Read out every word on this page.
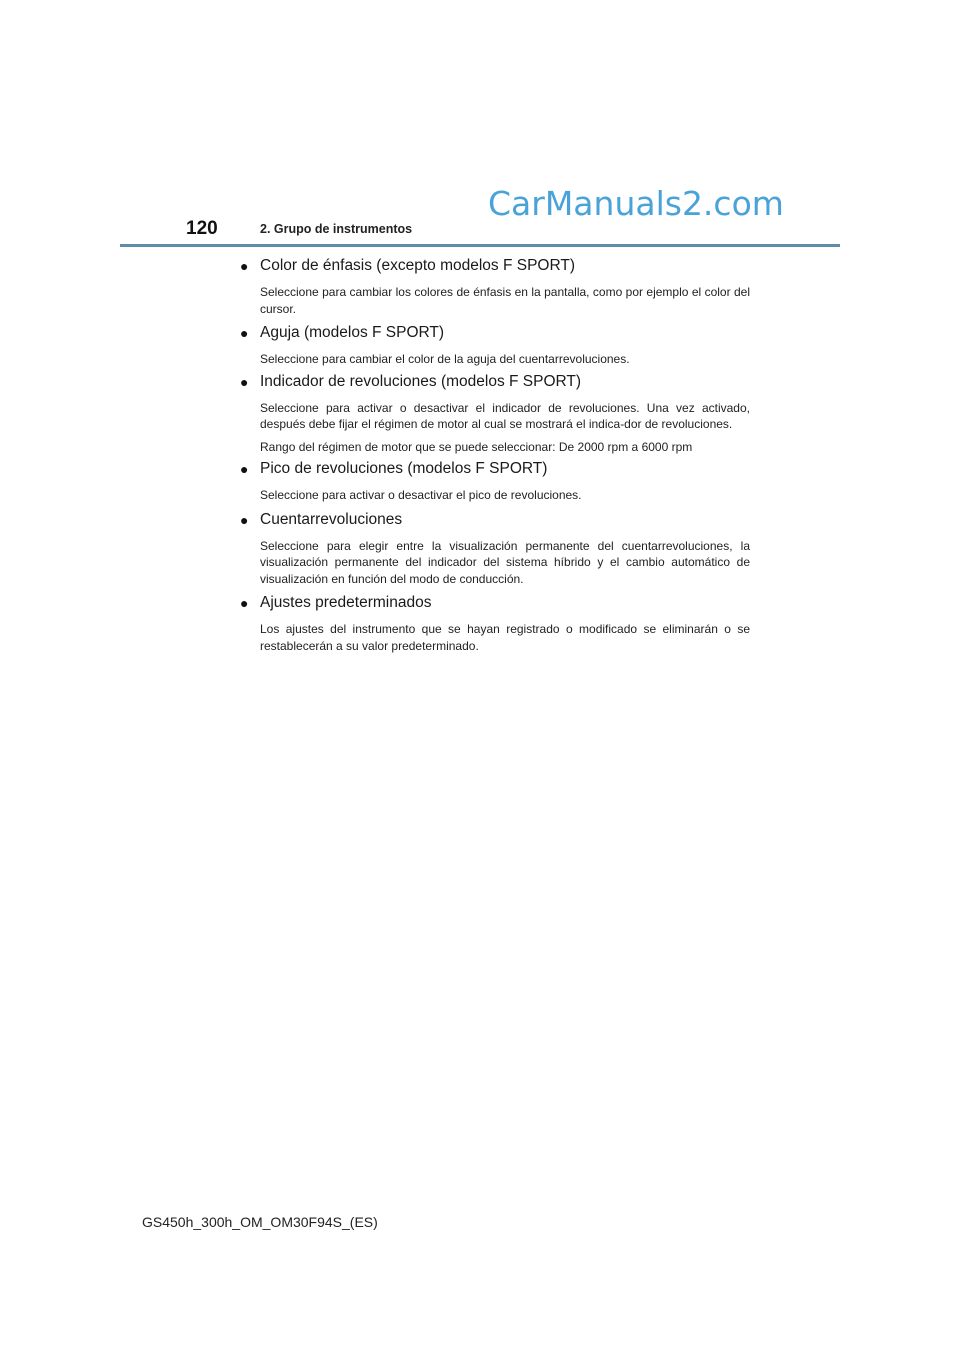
120	2. Grupo de instrumentos
CarManuals2.com
● Color de énfasis (excepto modelos F SPORT)

Seleccione para cambiar los colores de énfasis en la pantalla, como por ejemplo el color del cursor.

● Aguja (modelos F SPORT)

Seleccione para cambiar el color de la aguja del cuentarrevoluciones.

● Indicador de revoluciones (modelos F SPORT)

Seleccione para activar o desactivar el indicador de revoluciones. Una vez activado, después debe fijar el régimen de motor al cual se mostrará el indica-dor de revoluciones.

Rango del régimen de motor que se puede seleccionar: De 2000 rpm a 6000 rpm

● Pico de revoluciones (modelos F SPORT)

Seleccione para activar o desactivar el pico de revoluciones.

● Cuentarrevoluciones

Seleccione para elegir entre la visualización permanente del cuentarrevoluciones, la visualización permanente del indicador del sistema híbrido y el cambio automático de visualización en función del modo de conducción.

● Ajustes predeterminados

Los ajustes del instrumento que se hayan registrado o modificado se eliminarán o se restablecerán a su valor predeterminado.

GS450h_300h_OM_OM30F94S_(ES)
